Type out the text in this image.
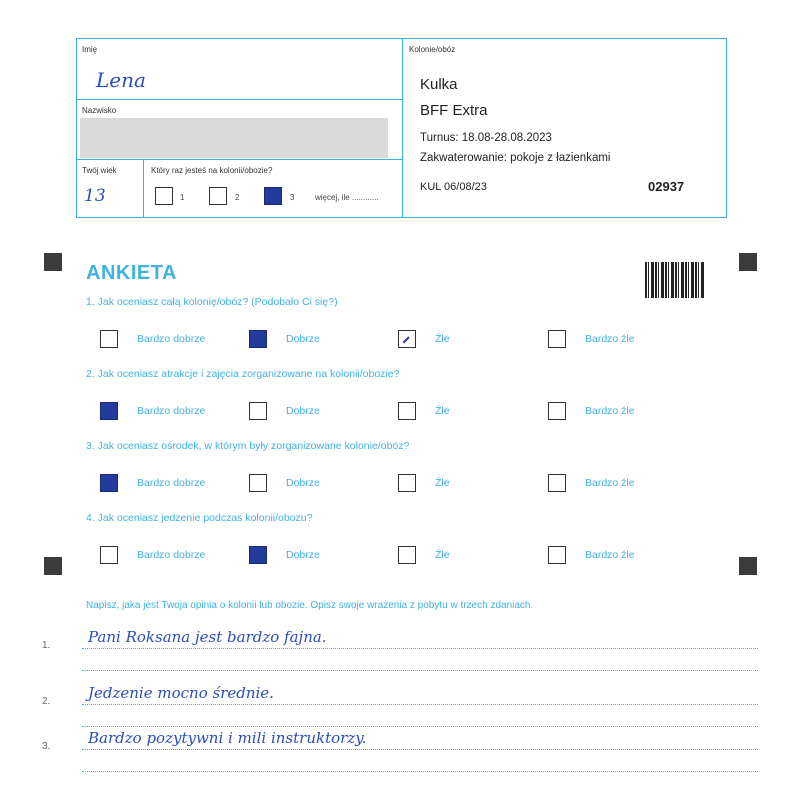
Imię
Lena
Nazwisko
Twój wiek
13
Który raz jesteś na kolonii/obozie?
1	2	3	więcej, ile ............
Kolonie/obóz
Kulka
BFF Extra
Turnus: 18.08-28.08.2023
Zakwaterowanie: pokoje z łazienkami
KUL 06/08/23	02937
ANKIETA
1. Jak oceniasz całą kolonię/obóz? (Podobało Ci się?)
Bardzo dobrze	Dobrze	Źle	Bardzo źle
2. Jak oceniasz atrakcje i zajęcia zorganizowane na kolonii/obozie?
Bardzo dobrze	Dobrze	Źle	Bardzo źle
3. Jak oceniasz ośrodek, w którym były zorganizowane kolonie/obóz?
Bardzo dobrze	Dobrze	Źle	Bardzo źle
4. Jak oceniasz jedzenie podczas kolonii/obozu?
Bardzo dobrze	Dobrze	Źle	Bardzo źle
Napisz, jaka jest Twoja opinia o kolonii lub obozie. Opisz swoje wrażenia z pobytu w trzech zdaniach.
1.	Pani Roksana jest bardzo fajna.
2.	Jedzenie mocno średnie.
3.	Bardzo pozytywni i mili instruktorzy.
